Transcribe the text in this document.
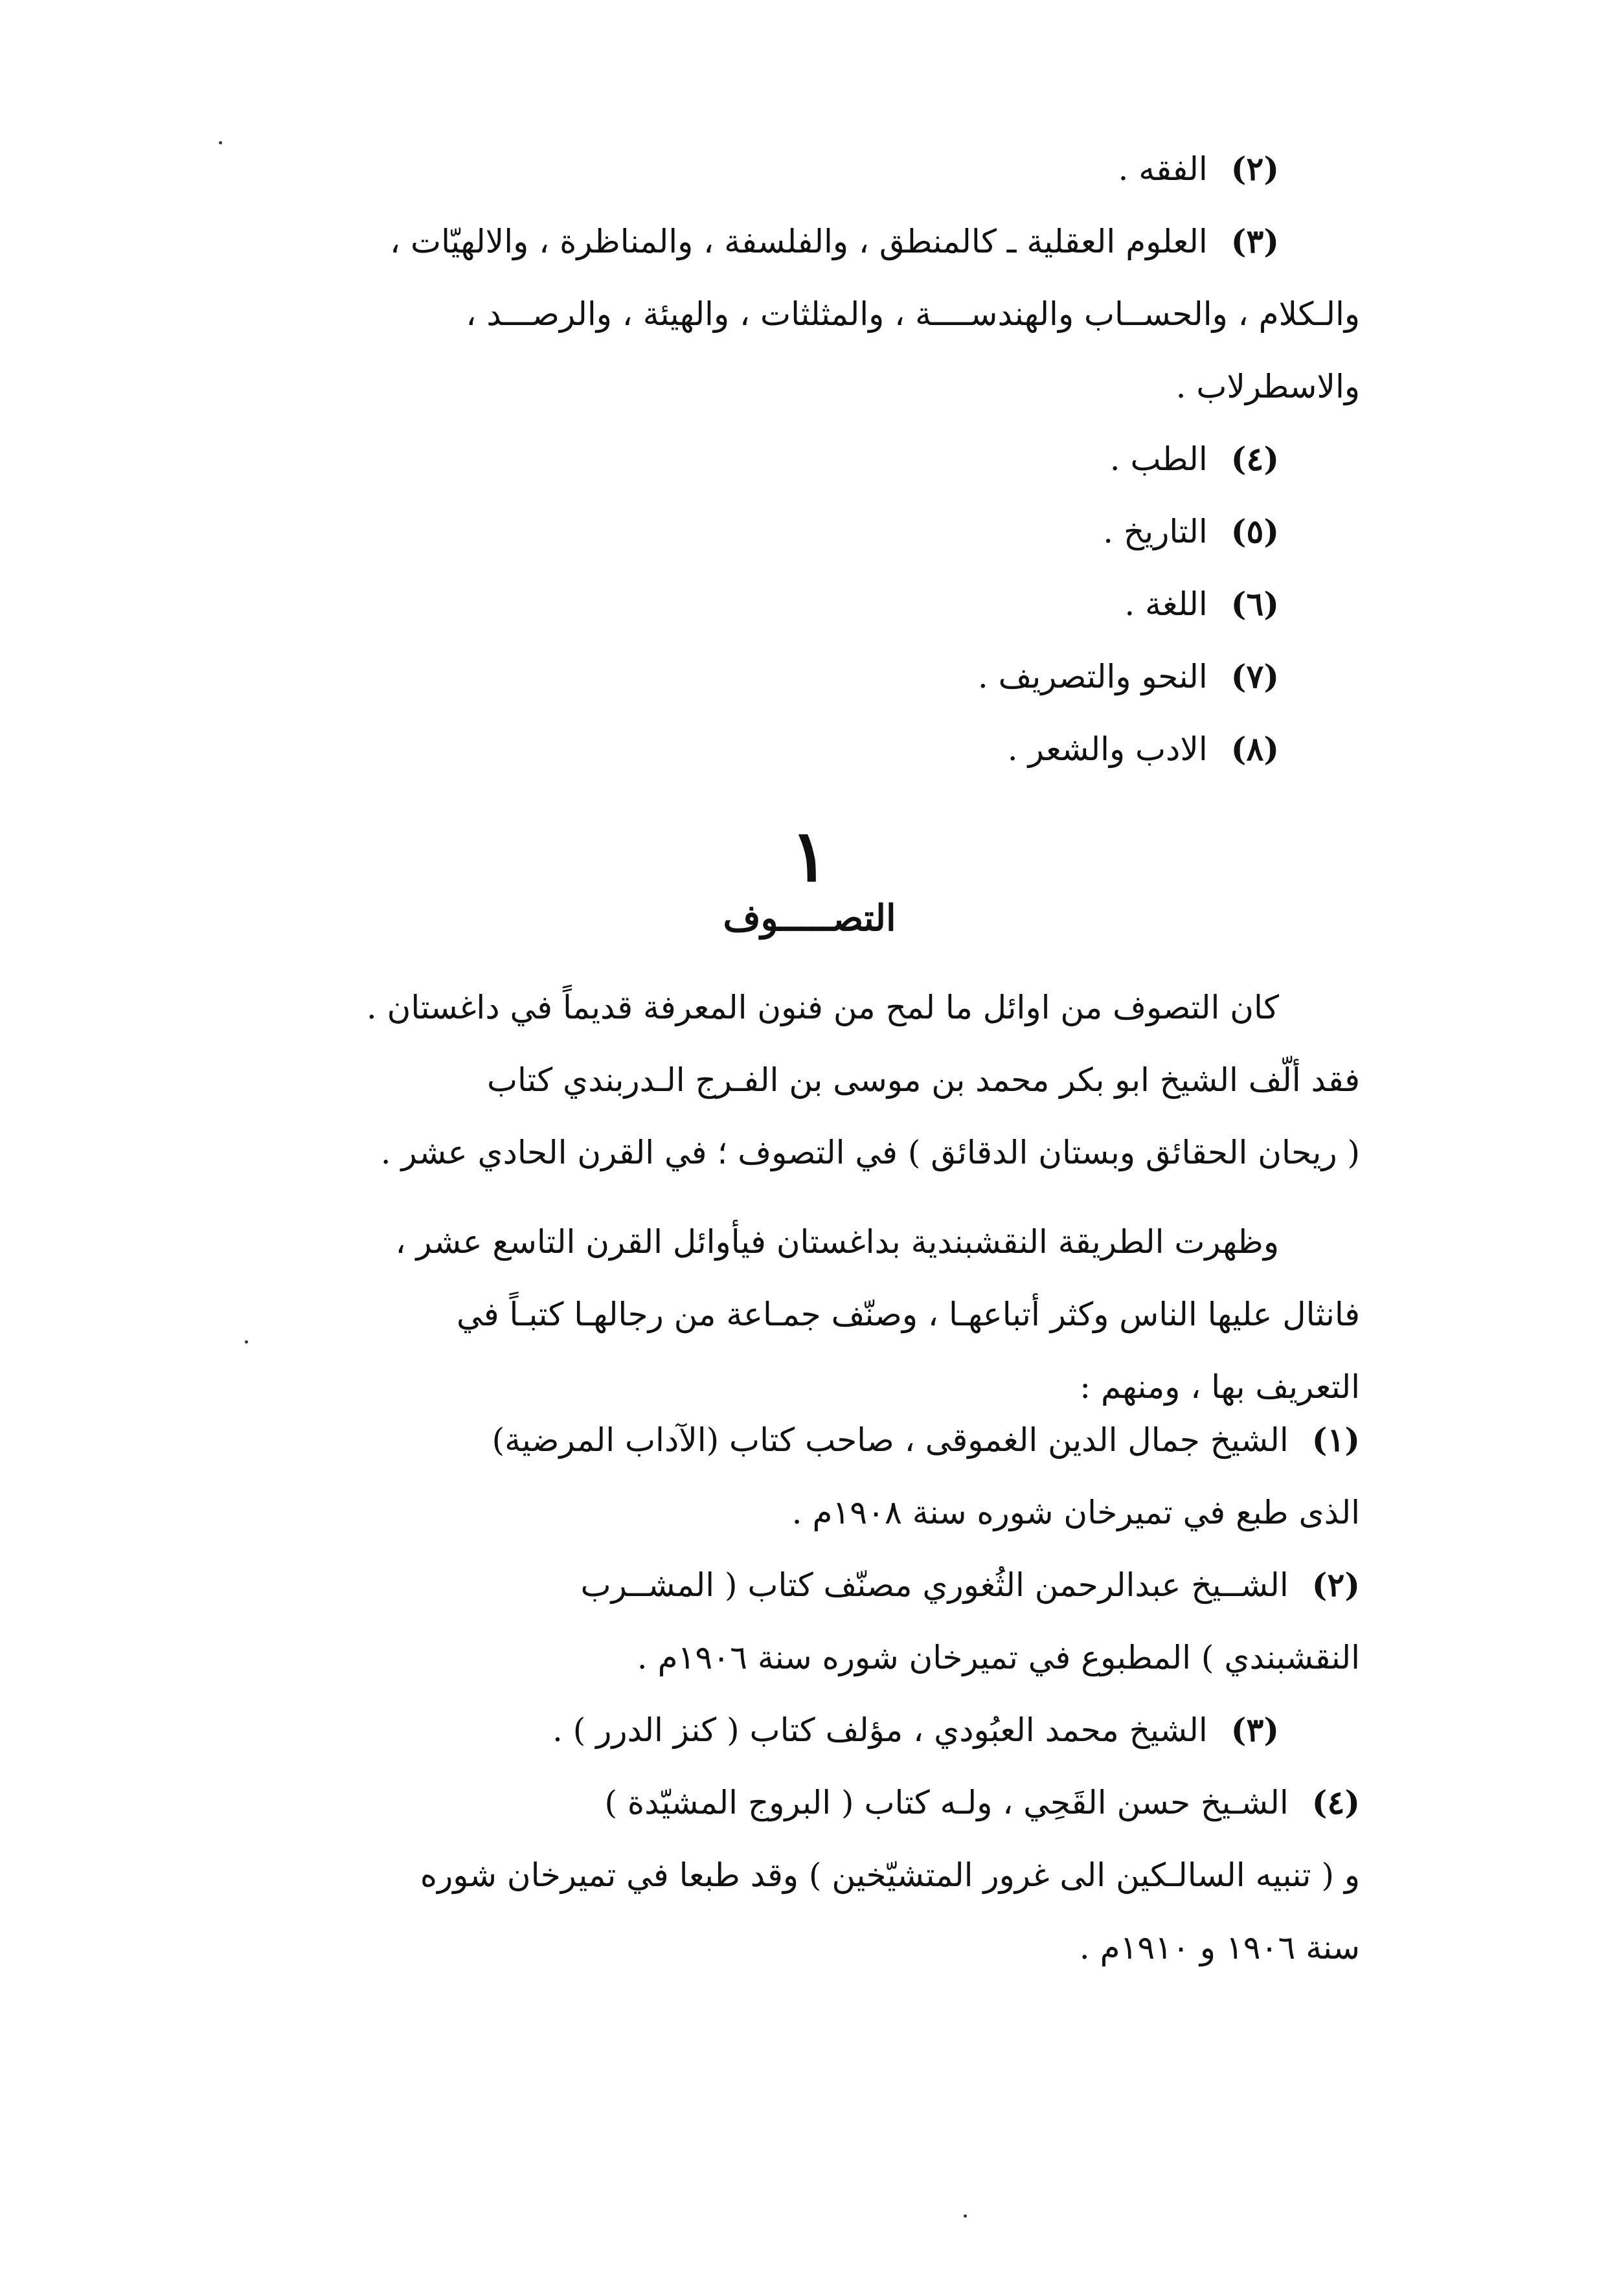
(٢)الفقه .
(٣)العلوم العقلية ـ كالمنطق ، والفلسفة ، والمناظرة ، والالهيّات ،
والـكلام ، والحســاب والهندســــة ، والمثلثات ، والهيئة ، والرصـــد ،
والاسطرلاب .
(٤)الطب .
(٥)التاريخ .
(٦)اللغة .
(٧)النحو والتصريف .
(٨)الادب والشعر .
١
التصـــــوف
كان التصوف من اوائل ما لمح من فنون المعرفة قديماً في داغستان .
فقد ألّف الشيخ ابو بكر محمد بن موسى بن الفـرج الـدربندي كتاب
( ريحان الحقائق وبستان الدقائق ) في التصوف ؛ في القرن الحادي عشر .
وظهرت الطريقة النقشبندية بداغستان فيأوائل القرن التاسع عشر ،
فانثال عليها الناس وكثر أتباعهـا ، وصنّف جمـاعة من رجالهـا كتبـاً في
التعريف بها ، ومنهم :
(١)الشيخ جمال الدين الغموقى ، صاحب كتاب (الآداب المرضية)
الذى طبع في تميرخان شوره سنة ١٩٠٨م .
(٢)الشــيخ عبدالرحمن الثُغوري مصنّف كتاب ( المشــرب
النقشبندي ) المطبوع في تميرخان شوره سنة ١٩٠٦م .
(٣)الشيخ محمد العبُودي ، مؤلف كتاب ( كنز الدرر ) .
(٤)الشـيخ حسن القَحِي ، ولـه كتاب ( البروج المشيّدة )
و ( تنبيه السالـكين الى غرور المتشيّخين ) وقد طبعا في تميرخان شوره
سنة ١٩٠٦ و ١٩١٠م .
